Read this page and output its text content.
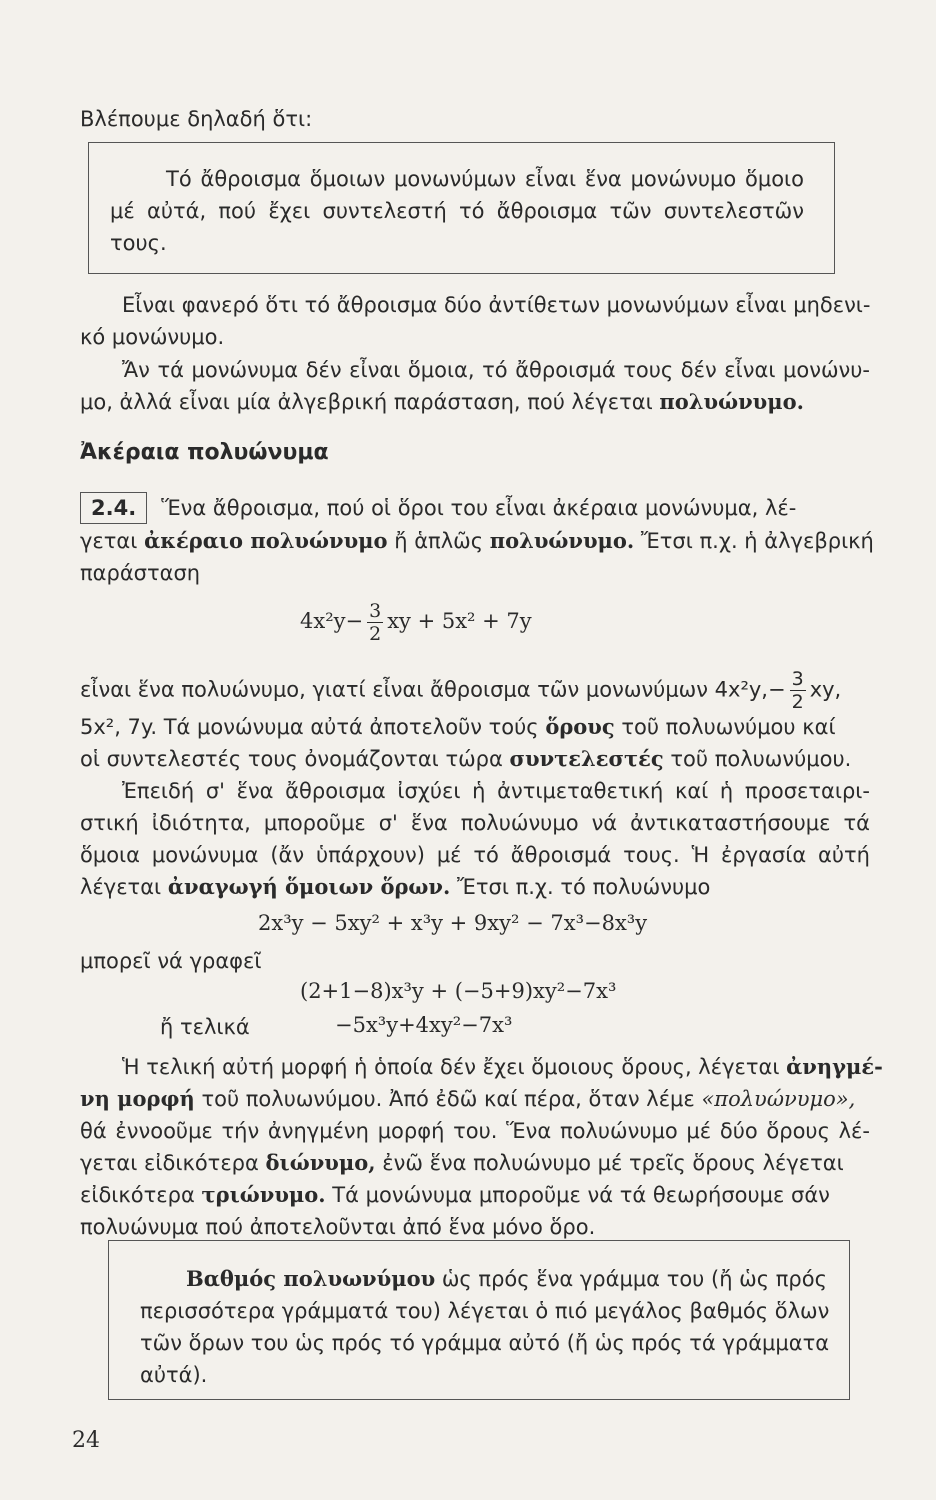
Βλέπουμε δηλαδή ὅτι:
Τό ἄθροισμα ὅμοιων μονωνύμων εἶναι ἕνα μονώνυμο ὅμοιο
μέ αὐτά, πού ἔχει συντελεστή τό ἄθροισμα τῶν συντελεστῶν
τους.
Εἶναι φανερό ὅτι τό ἄθροισμα δύο ἀντίθετων μονωνύμων εἶναι μηδενι-
κό μονώνυμο.
Ἄν τά μονώνυμα δέν εἶναι ὅμοια, τό ἄθροισμά τους δέν εἶναι μονώνυ-
μο, ἀλλά εἶναι μία ἀλγεβρική παράσταση, πού λέγεται πολυώνυμο.
Ἀκέραια πολυώνυμα
2.4. Ἕνα ἄθροισμα, πού οἱ ὅροι του εἶναι ἀκέραια μονώνυμα, λέ-
γεται ἀκέραιο πολυώνυμο ἤ ἁπλῶς πολυώνυμο. Ἔτσι π.χ. ἡ ἀλγεβρική
παράσταση
$4x^2y- \frac{3}{2}$ xy + 5x² + 7y
εἶναι ἕνα πολυώνυμο, γιατί εἶναι ἄθροισμα τῶν μονωνύμων $4x^2y,- \frac{3}{2}$ xy,
5x², 7y. Τά μονώνυμα αὐτά ἀποτελοῦν τούς ὅρους τοῦ πολυωνύμου καί
οἱ συντελεστές τους ὀνομάζονται τώρα συντελεστές τοῦ πολυωνύμου.
Ἐπειδή σ' ἕνα ἄθροισμα ἰσχύει ἡ ἀντιμεταθετική καί ἡ προσεταιρι-
στική ἰδιότητα, μποροῦμε σ' ἕνα πολυώνυμο νά ἀντικαταστήσουμε τά
ὅμοια μονώνυμα (ἄν ὑπάρχουν) μέ τό ἄθροισμά τους. Ἡ ἐργασία αὐτή
λέγεται ἀναγωγή ὅμοιων ὅρων. Ἔτσι π.χ. τό πολυώνυμο
2x³y − 5xy² + x³y + 9xy² − 7x³−8x³y
μπορεῖ νά γραφεῖ
(2+1−8)x³y + (−5+9)xy²−7x³
ἤ τελικά	−5x³y+4xy²−7x³
Ἡ τελική αὐτή μορφή ἡ ὁποία δέν ἔχει ὅμοιους ὅρους, λέγεται ἀνηγμέ-
νη μορφή τοῦ πολυωνύμου. Ἀπό ἐδῶ καί πέρα, ὅταν λέμε «πολυώνυμο»,
θά ἐννοοῦμε τήν ἀνηγμένη μορφή του. Ἕνα πολυώνυμο μέ δύο ὅρους λέ-
γεται εἰδικότερα διώνυμο, ἐνῶ ἕνα πολυώνυμο μέ τρεῖς ὅρους λέγεται
εἰδικότερα τριώνυμο. Τά μονώνυμα μποροῦμε νά τά θεωρήσουμε σάν
πολυώνυμα πού ἀποτελοῦνται ἀπό ἕνα μόνο ὅρο.
Βαθμός πολυωνύμου ὡς πρός ἕνα γράμμα του (ἤ ὡς πρός
περισσότερα γράμματά του) λέγεται ὁ πιό μεγάλος βαθμός ὅλων
τῶν ὅρων του ὡς πρός τό γράμμα αὐτό (ἤ ὡς πρός τά γράμματα
αὐτά).
24
